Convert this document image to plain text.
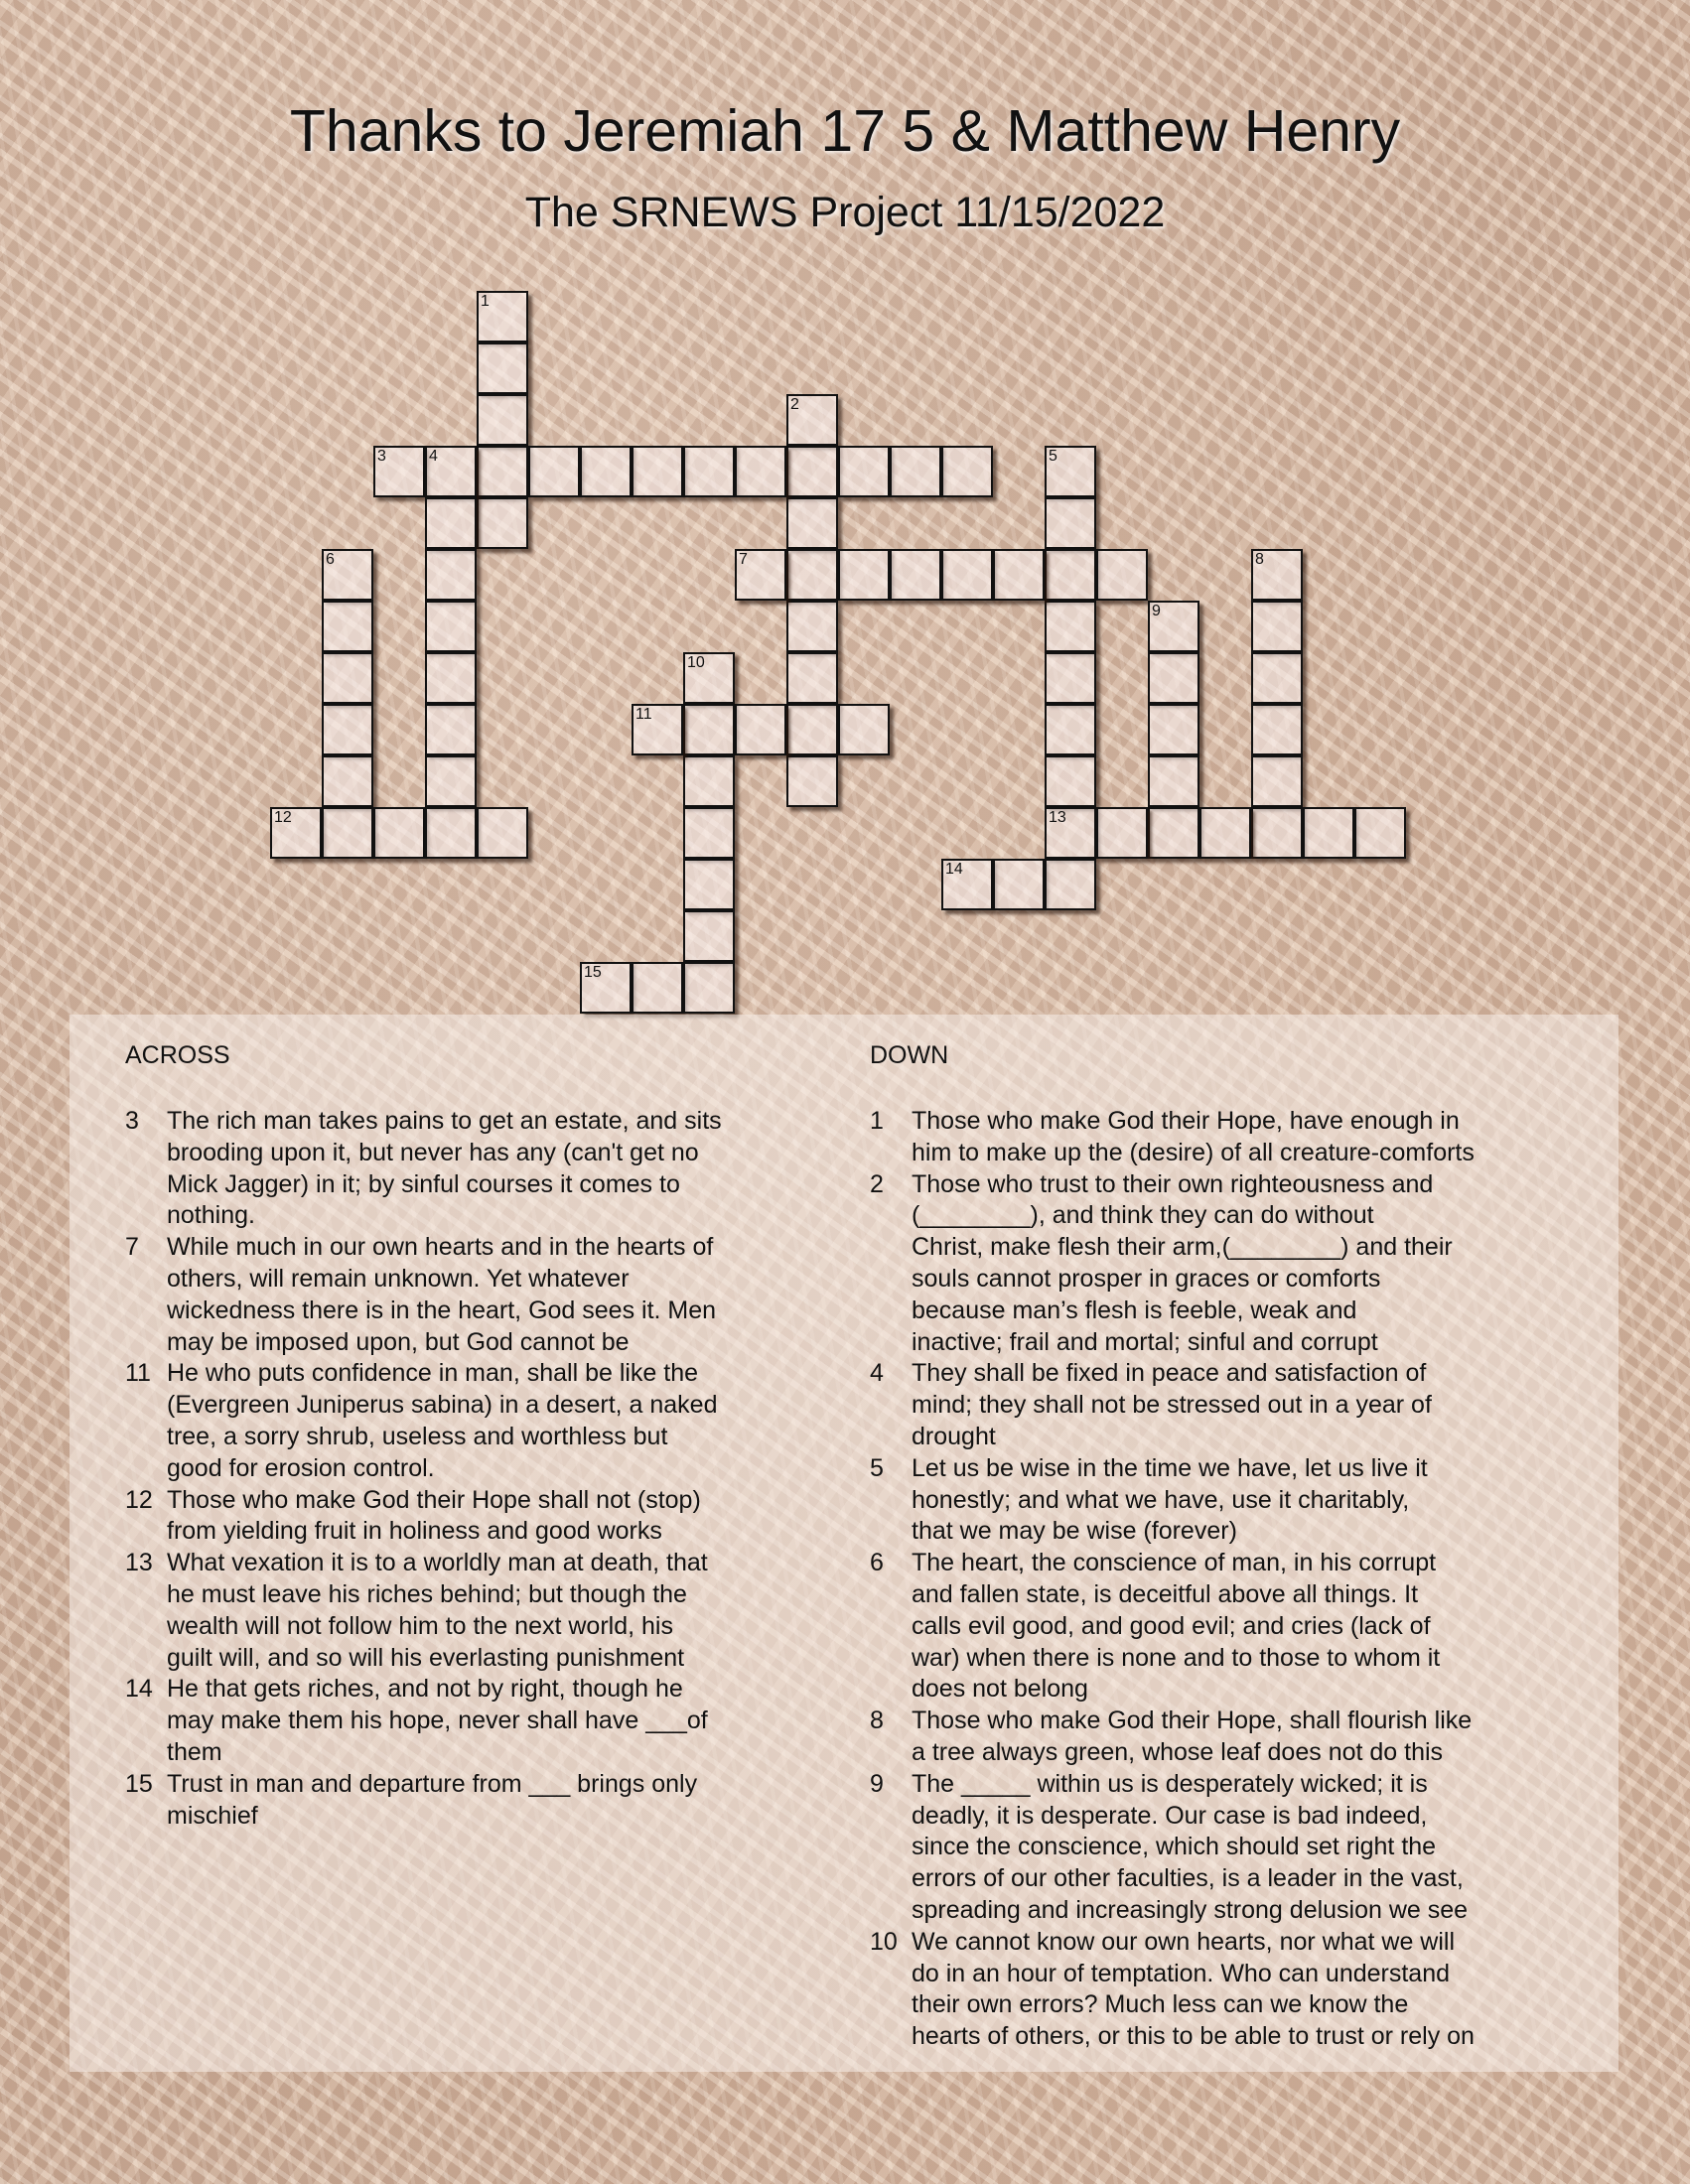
Thanks to Jeremiah 17 5 & Matthew Henry
The SRNEWS Project 11/15/2022
1
2
3	4	5
13
6	7	8
9
10
11
12
14
15
ACROSS
3	The rich man takes pains to get an estate, and sits
brooding upon it, but never has any (can't get no
Mick Jagger) in it; by sinful courses it comes to
nothing.
7	While much in our own hearts and in the hearts of
others, will remain unknown. Yet whatever
wickedness there is in the heart, God sees it. Men
may be imposed upon, but God cannot be
11 He who puts confidence in man, shall be like the
(Evergreen Juniperus sabina) in a desert, a naked
tree, a sorry shrub, useless and worthless but
good for erosion control.
12 Those who make God their Hope shall not (stop)
from yielding fruit in holiness and good works
13 What vexation it is to a worldly man at death, that
he must leave his riches behind; but though the
wealth will not follow him to the next world, his
guilt will, and so will his everlasting punishment
14 He that gets riches, and not by right, though he
may make them his hope, never shall have ___of
them
15 Trust in man and departure from ___ brings only
mischief
DOWN
1	Those who make God their Hope, have enough in
him to make up the (desire) of all creature-comforts
2	Those who trust to their own righteousness and
(________), and think they can do without
Christ, make flesh their arm,(________) and their
souls cannot prosper in graces or comforts
because man’s flesh is feeble, weak and
inactive; frail and mortal; sinful and corrupt
4	They shall be fixed in peace and satisfaction of
mind; they shall not be stressed out in a year of
drought
5	Let us be wise in the time we have, let us live it
honestly; and what we have, use it charitably,
that we may be wise (forever)
6	The heart, the conscience of man, in his corrupt
and fallen state, is deceitful above all things. It
calls evil good, and good evil; and cries (lack of
war) when there is none and to those to whom it
does not belong
8	Those who make God their Hope, shall flourish like
a tree always green, whose leaf does not do this
9	The _____ within us is desperately wicked; it is
deadly, it is desperate. Our case is bad indeed,
since the conscience, which should set right the
errors of our other faculties, is a leader in the vast,
spreading and increasingly strong delusion we see
10 We cannot know our own hearts, nor what we will
do in an hour of temptation. Who can understand
their own errors? Much less can we know the
hearts of others, or this to be able to trust or rely on
